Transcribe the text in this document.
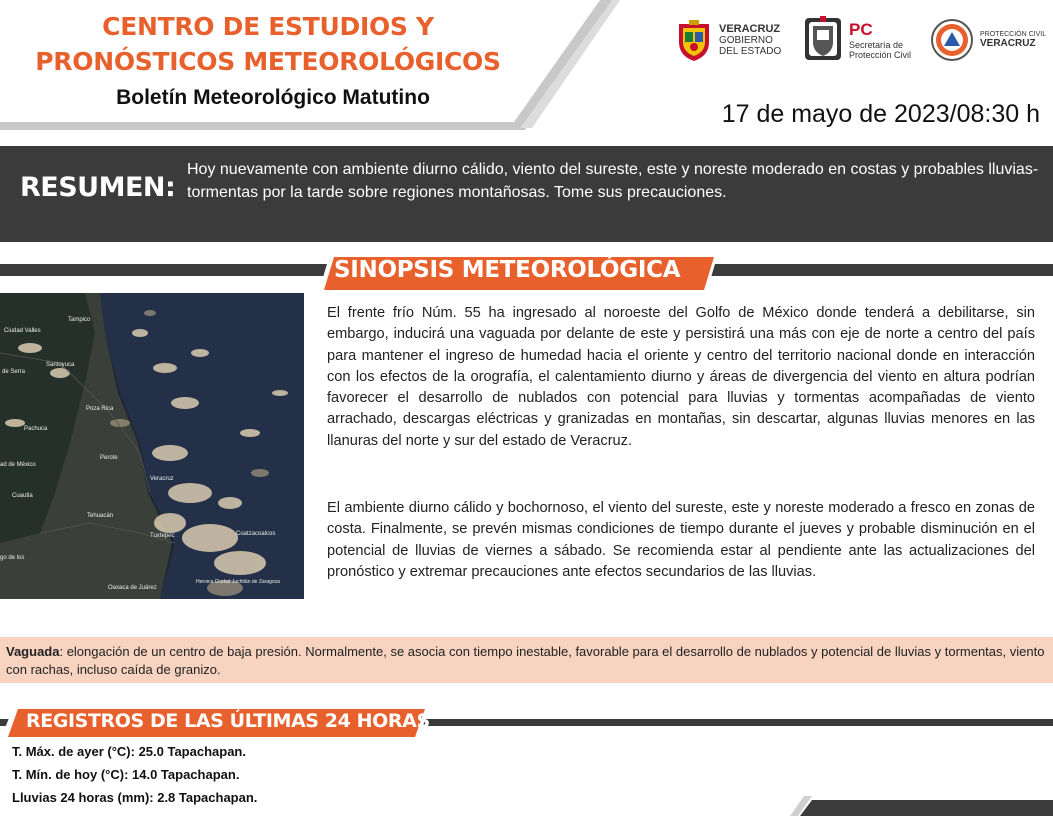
CENTRO DE ESTUDIOS Y
PRONÓSTICOS METEOROLÓGICOS
Boletín Meteorológico Matutino
17 de mayo de 2023/08:30 h
VERACRUZ
GOBIERNO
DEL ESTADO
PC
Secretaría de
Protección Civil
PROTECCIÓN CIVIL
VERACRUZ
RESUMEN:
Hoy nuevamente con ambiente diurno cálido, viento del sureste, este y noreste moderado en costas y probables lluvias-tormentas por la tarde sobre regiones montañosas. Tome sus precauciones.
SINOPSIS METEOROLÓGICA
Tampico
Ciudad Valles
Santoyuca
de Serra
Poza Rica
Pachuca
Perote
ad de México
Veracruz
Cuautla
Tehuacán
Tuxtepec	Coatzacoalcos
go de los
Oaxaca de Juárez
Heroica Ciudad Juchitán de Zaragoza
El frente frío Núm. 55 ha ingresado al noroeste del Golfo de México donde tenderá a debilitarse, sin embargo, inducirá una vaguada por delante de este y persistirá una más con eje de norte a centro del país para mantener el ingreso de humedad hacia el oriente y centro del territorio nacional donde en interacción con los efectos de la orografía, el calentamiento diurno y áreas de divergencia del viento en altura podrían favorecer el desarrollo de nublados con potencial para lluvias y tormentas acompañadas de viento arrachado, descargas eléctricas y granizadas en montañas, sin descartar, algunas lluvias menores en las llanuras del norte y sur del estado de Veracruz.
El ambiente diurno cálido y bochornoso, el viento del sureste, este y noreste moderado a fresco en zonas de costa. Finalmente, se prevén mismas condiciones de tiempo durante el jueves y probable disminución en el potencial de lluvias de viernes a sábado. Se recomienda estar al pendiente ante las actualizaciones del pronóstico y extremar precauciones ante efectos secundarios de las lluvias.
Vaguada: elongación de un centro de baja presión. Normalmente, se asocia con tiempo inestable, favorable para el desarrollo de nublados y potencial de lluvias y tormentas, viento con rachas, incluso caída de granizo.
REGISTROS DE LAS ÚLTIMAS 24 HORAS
T. Máx. de ayer (°C): 25.0 Tapachapan.
T. Mín. de hoy (°C): 14.0 Tapachapan.
Lluvias 24 horas (mm): 2.8 Tapachapan.
